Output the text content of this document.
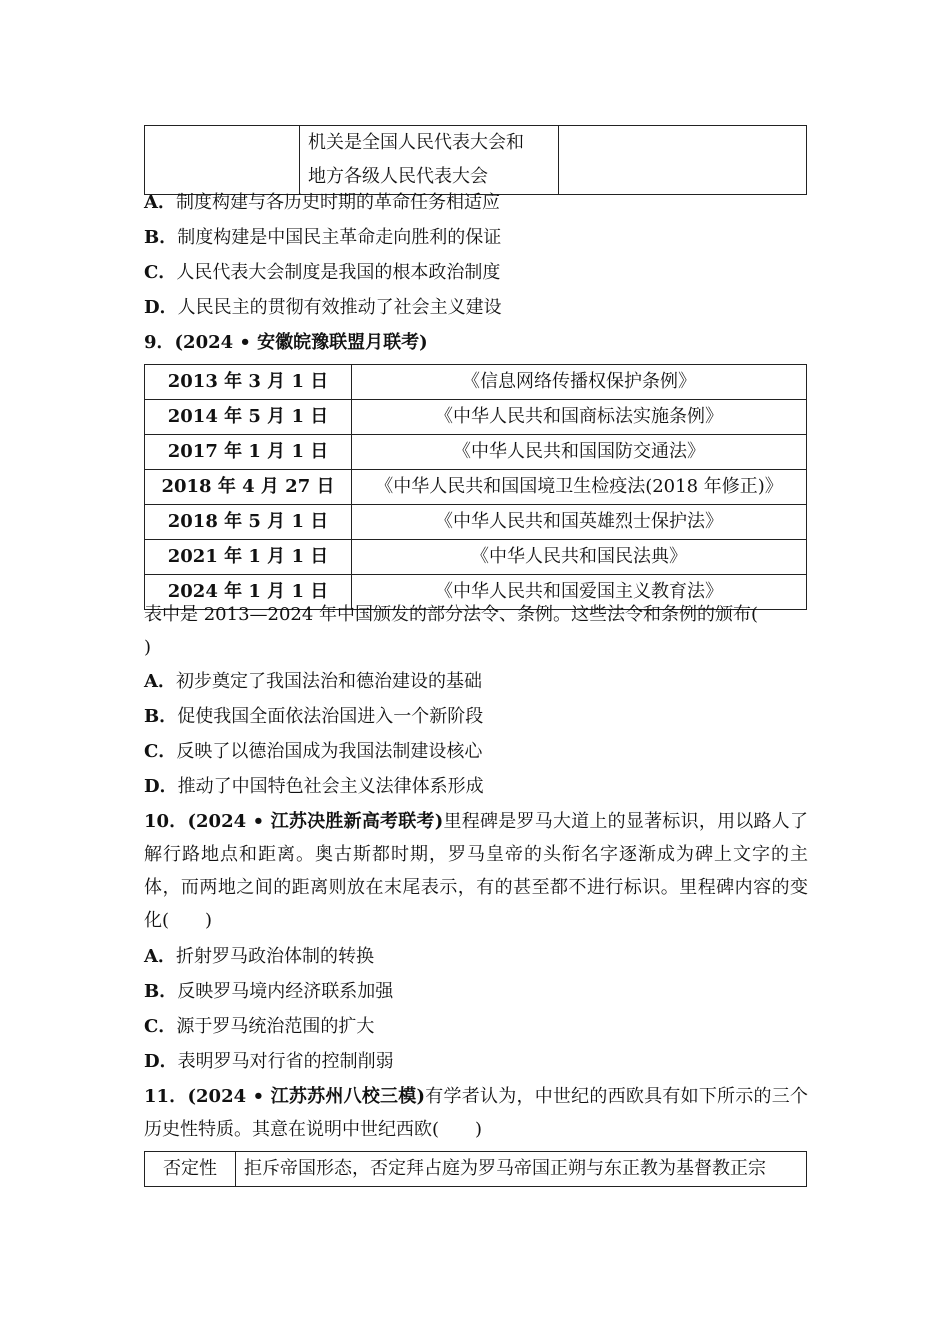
机关是全国人民代表大会和
地方各级人民代表大会

A．制度构建与各历史时期的革命任务相适应
B．制度构建是中国民主革命走向胜利的保证
C．人民代表大会制度是我国的根本政治制度
D．人民民主的贯彻有效推动了社会主义建设
9．(2024 • 安徽皖豫联盟月联考)
2013 年 3 月 1 日	《信息网络传播权保护条例》
2014 年 5 月 1 日	《中华人民共和国商标法实施条例》
2017 年 1 月 1 日	《中华人民共和国国防交通法》
2018 年 4 月 27 日	《中华人民共和国国境卫生检疫法(2018 年修正)》
2018 年 5 月 1 日	《中华人民共和国英雄烈士保护法》
2021 年 1 月 1 日	《中华人民共和国民法典》
2024 年 1 月 1 日	《中华人民共和国爱国主义教育法》
表中是 2013—2024 年中国颁发的部分法令、条例。这些法令和条例的颁布(
)
A．初步奠定了我国法治和德治建设的基础
B．促使我国全面依法治国进入一个新阶段
C．反映了以德治国成为我国法制建设核心
D．推动了中国特色社会主义法律体系形成
10．(2024 • 江苏决胜新高考联考)里程碑是罗马大道上的显著标识，用以路人了解行路地点和距离。奥古斯都时期，罗马皇帝的头衔名字逐渐成为碑上文字的主体，而两地之间的距离则放在末尾表示，有的甚至都不进行标识。里程碑内容的变化(　　)
A．折射罗马政治体制的转换
B．反映罗马境内经济联系加强
C．源于罗马统治范围的扩大
D．表明罗马对行省的控制削弱
11．(2024 • 江苏苏州八校三模)有学者认为，中世纪的西欧具有如下所示的三个历史性特质。其意在说明中世纪西欧(　　)
否定性	拒斥帝国形态，否定拜占庭为罗马帝国正朔与东正教为基督教正宗
